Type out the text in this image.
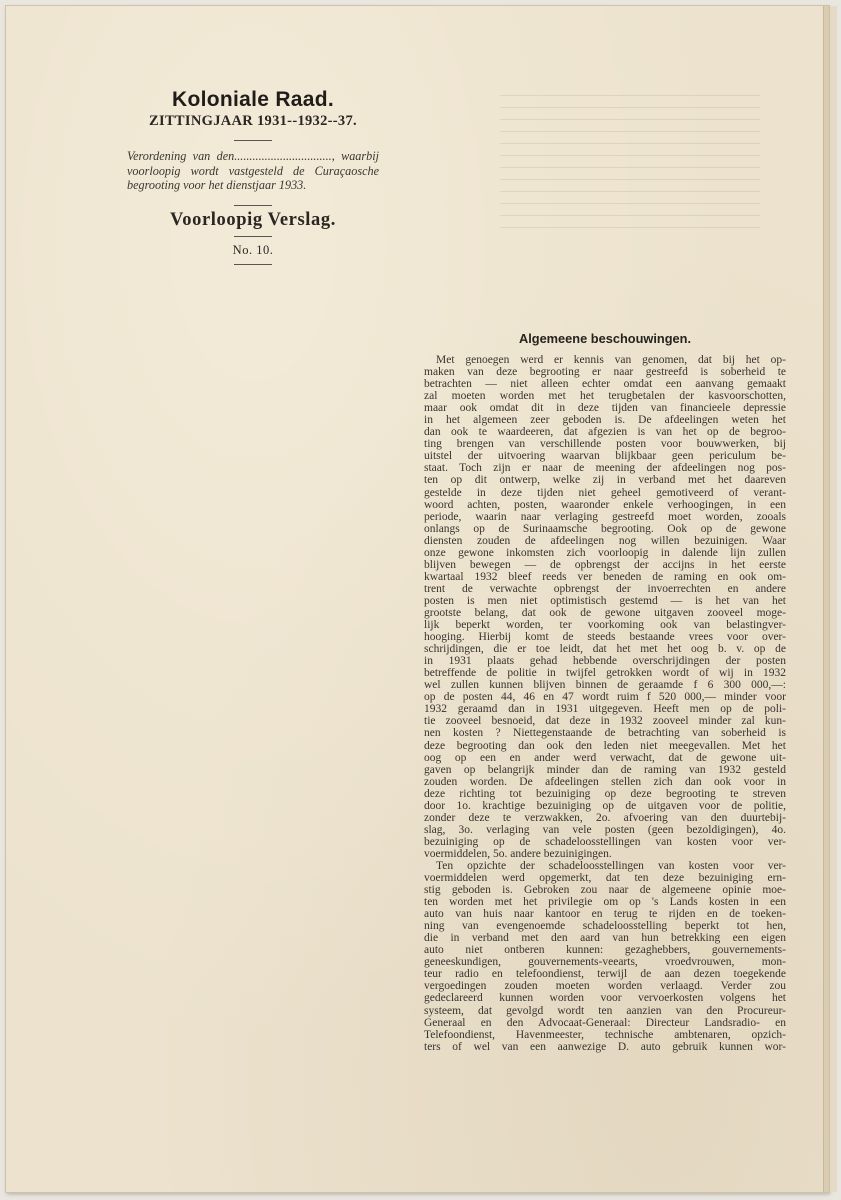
Koloniale Raad.
ZITTINGJAAR 1931--1932--37.
Verordening van den................................, waarbij voorloopig wordt vastgesteld de Curaçaosche begrooting voor het dienstjaar 1933.
Voorloopig Verslag.
No. 10.
Algemeene beschouwingen.
Met genoegen werd er kennis van genomen, dat bij het op-
maken van deze begrooting er naar gestreefd is soberheid te
betrachten — niet alleen echter omdat een aanvang gemaakt
zal moeten worden met het terugbetalen der kasvoorschotten,
maar ook omdat dit in deze tijden van financieele depressie
in het algemeen zeer geboden is. De afdeelingen weten het
dan ook te waardeeren, dat afgezien is van het op de begroo-
ting brengen van verschillende posten voor bouwwerken, bij
uitstel der uitvoering waarvan blijkbaar geen periculum be-
staat. Toch zijn er naar de meening der afdeelingen nog pos-
ten op dit ontwerp, welke zij in verband met het daareven
gestelde in deze tijden niet geheel gemotiveerd of verant-
woord achten, posten, waaronder enkele verhoogingen, in een
periode, waarin naar verlaging gestreefd moet worden, zooals
onlangs op de Surinaamsche begrooting. Ook op de gewone
diensten zouden de afdeelingen nog willen bezuinigen. Waar
onze gewone inkomsten zich voorloopig in dalende lijn zullen
blijven bewegen — de opbrengst der accijns in het eerste
kwartaal 1932 bleef reeds ver beneden de raming en ook om-
trent de verwachte opbrengst der invoerrechten en andere
posten is men niet optimistisch gestemd — is het van het
grootste belang, dat ook de gewone uitgaven zooveel moge-
lijk beperkt worden, ter voorkoming ook van belastingver-
hooging. Hierbij komt de steeds bestaande vrees voor over-
schrijdingen, die er toe leidt, dat het met het oog b. v. op de
in 1931 plaats gehad hebbende overschrijdingen der posten
betreffende de politie in twijfel getrokken wordt of wij in 1932
wel zullen kunnen blijven binnen de geraamde f 6 300 000,—:
op de posten 44, 46 en 47 wordt ruim f 520 000,— minder voor
1932 geraamd dan in 1931 uitgegeven. Heeft men op de poli-
tie zooveel besnoeid, dat deze in 1932 zooveel minder zal kun-
nen kosten ? Niettegenstaande de betrachting van soberheid is
deze begrooting dan ook den leden niet meegevallen. Met het
oog op een en ander werd verwacht, dat de gewone uit-
gaven op belangrijk minder dan de raming van 1932 gesteld
zouden worden. De afdeelingen stellen zich dan ook voor in
deze richting tot bezuiniging op deze begrooting te streven
door 1o. krachtige bezuiniging op de uitgaven voor de politie,
zonder deze te verzwakken, 2o. afvoering van den duurtebij-
slag, 3o. verlaging van vele posten (geen bezoldigingen), 4o.
bezuiniging op de schadeloosstellingen van kosten voor ver-
voermiddelen, 5o. andere bezuinigingen.
Ten opzichte der schadeloosstellingen van kosten voor ver-
voermiddelen werd opgemerkt, dat ten deze bezuiniging ern-
stig geboden is. Gebroken zou naar de algemeene opinie moe-
ten worden met het privilegie om op 's Lands kosten in een
auto van huis naar kantoor en terug te rijden en de toeken-
ning van evengenoemde schadeloosstelling beperkt tot hen,
die in verband met den aard van hun betrekking een eigen
auto niet ontberen kunnen: gezaghebbers, gouvernements-
geneeskundigen, gouvernements-veearts, vroedvrouwen, mon-
teur radio en telefoondienst, terwijl de aan dezen toegekende
vergoedingen zouden moeten worden verlaagd. Verder zou
gedeclareerd kunnen worden voor vervoerkosten volgens het
systeem, dat gevolgd wordt ten aanzien van den Procureur-
Generaal en den Advocaat-Generaal: Directeur Landsradio- en
Telefoondienst, Havenmeester, technische ambtenaren, opzich-
ters of wel van een aanwezige D. auto gebruik kunnen wor-
